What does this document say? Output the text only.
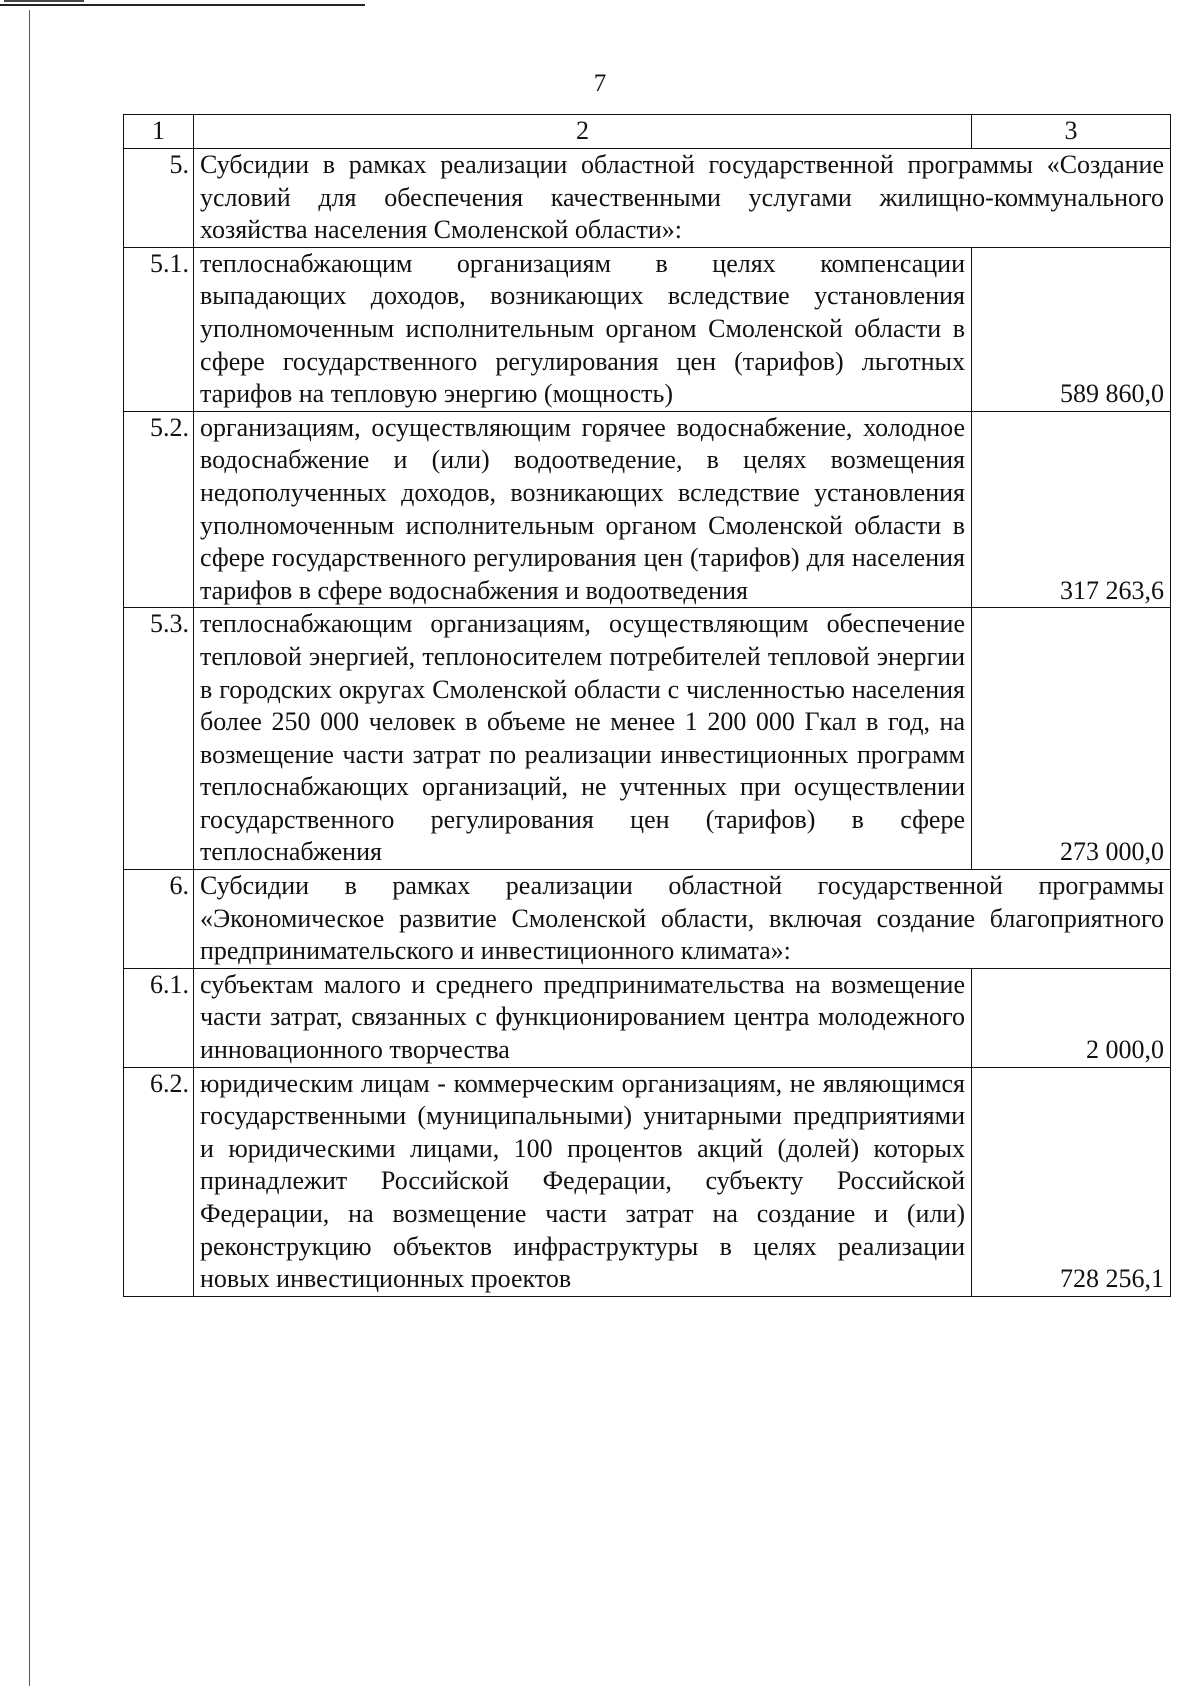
7
1	2	3
5.	Субсидии в рамках реализации областной государственной программы «Создание условий для обеспечения качественными услугами жилищно-коммунального хозяйства населения Смоленской области»:	
5.1.	теплоснабжающим организациям в целях компенсации выпадающих доходов, возникающих вследствие установления уполномоченным исполнительным органом Смоленской области в сфере государственного регулирования цен (тарифов) льготных тарифов на тепловую энергию (мощность)	589 860,0
5.2.	организациям, осуществляющим горячее водоснабжение, холодное водоснабжение и (или) водоотведение, в целях возмещения недополученных доходов, возникающих вследствие установления уполномоченным исполнительным органом Смоленской области в сфере государственного регулирования цен (тарифов) для населения тарифов в сфере водоснабжения и водоотведения	317 263,6
5.3.	теплоснабжающим организациям, осуществляющим обеспечение тепловой энергией, теплоносителем потребителей тепловой энергии в городских округах Смоленской области с численностью населения более 250 000 человек в объеме не менее 1 200 000 Гкал в год, на возмещение части затрат по реализации инвестиционных программ теплоснабжающих организаций, не учтенных при осуществлении государственного регулирования цен (тарифов) в сфере теплоснабжения	273 000,0
6.	Субсидии в рамках реализации областной государственной программы «Экономическое развитие Смоленской области, включая создание благоприятного предпринимательского и инвестиционного климата»:	
6.1.	субъектам малого и среднего предпринимательства на возмещение части затрат, связанных с функционированием центра молодежного инновационного творчества	2 000,0
6.2.	юридическим лицам - коммерческим организациям, не являющимся государственными (муниципальными) унитарными предприятиями и юридическими лицами, 100 процентов акций (долей) которых принадлежит Российской Федерации, субъекту Российской Федерации, на возмещение части затрат на создание и (или) реконструкцию объектов инфраструктуры в целях реализации новых инвестиционных проектов	728 256,1
